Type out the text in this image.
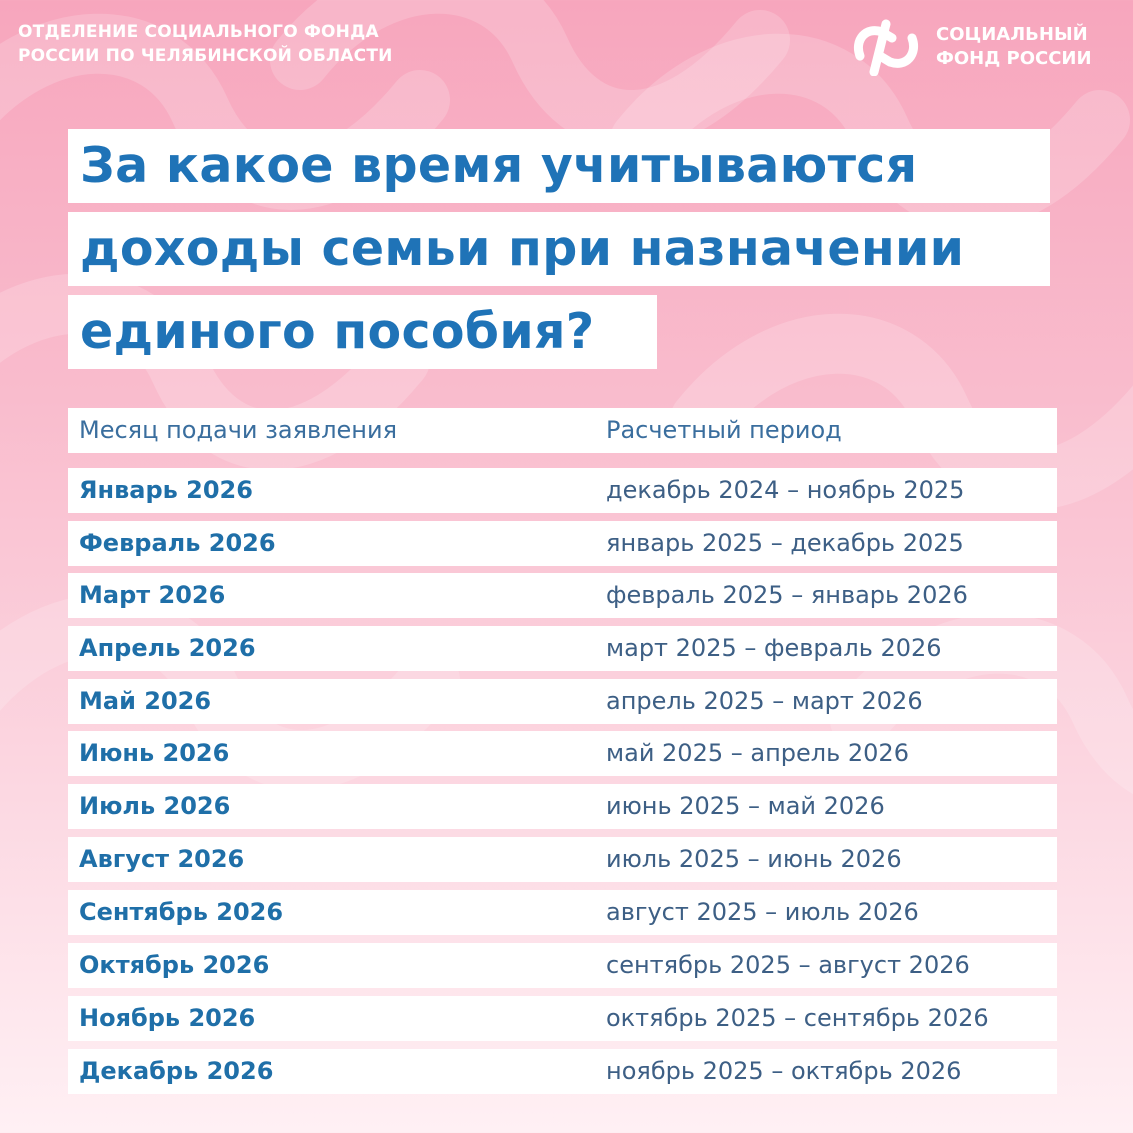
ОТДЕЛЕНИЕ СОЦИАЛЬНОГО ФОНДА
РОССИИ ПО ЧЕЛЯБИНСКОЙ ОБЛАСТИ
СОЦИАЛЬНЫЙ
ФОНД РОССИИ
За какое время учитываются
доходы семьи при назначении
единого пособия?
Месяц подачи заявления	Расчетный период
Январь 2026	декабрь 2024 – ноябрь 2025
Февраль 2026	январь 2025 – декабрь 2025
Март 2026	февраль 2025 – январь 2026
Апрель 2026	март 2025 – февраль 2026
Май 2026	апрель 2025 – март 2026
Июнь 2026	май 2025 – апрель 2026
Июль 2026	июнь 2025 – май 2026
Август 2026	июль 2025 – июнь 2026
Сентябрь 2026	август 2025 – июль 2026
Октябрь 2026	сентябрь 2025 – август 2026
Ноябрь 2026	октябрь 2025 – сентябрь 2026
Декабрь 2026	ноябрь 2025 – октябрь 2026
